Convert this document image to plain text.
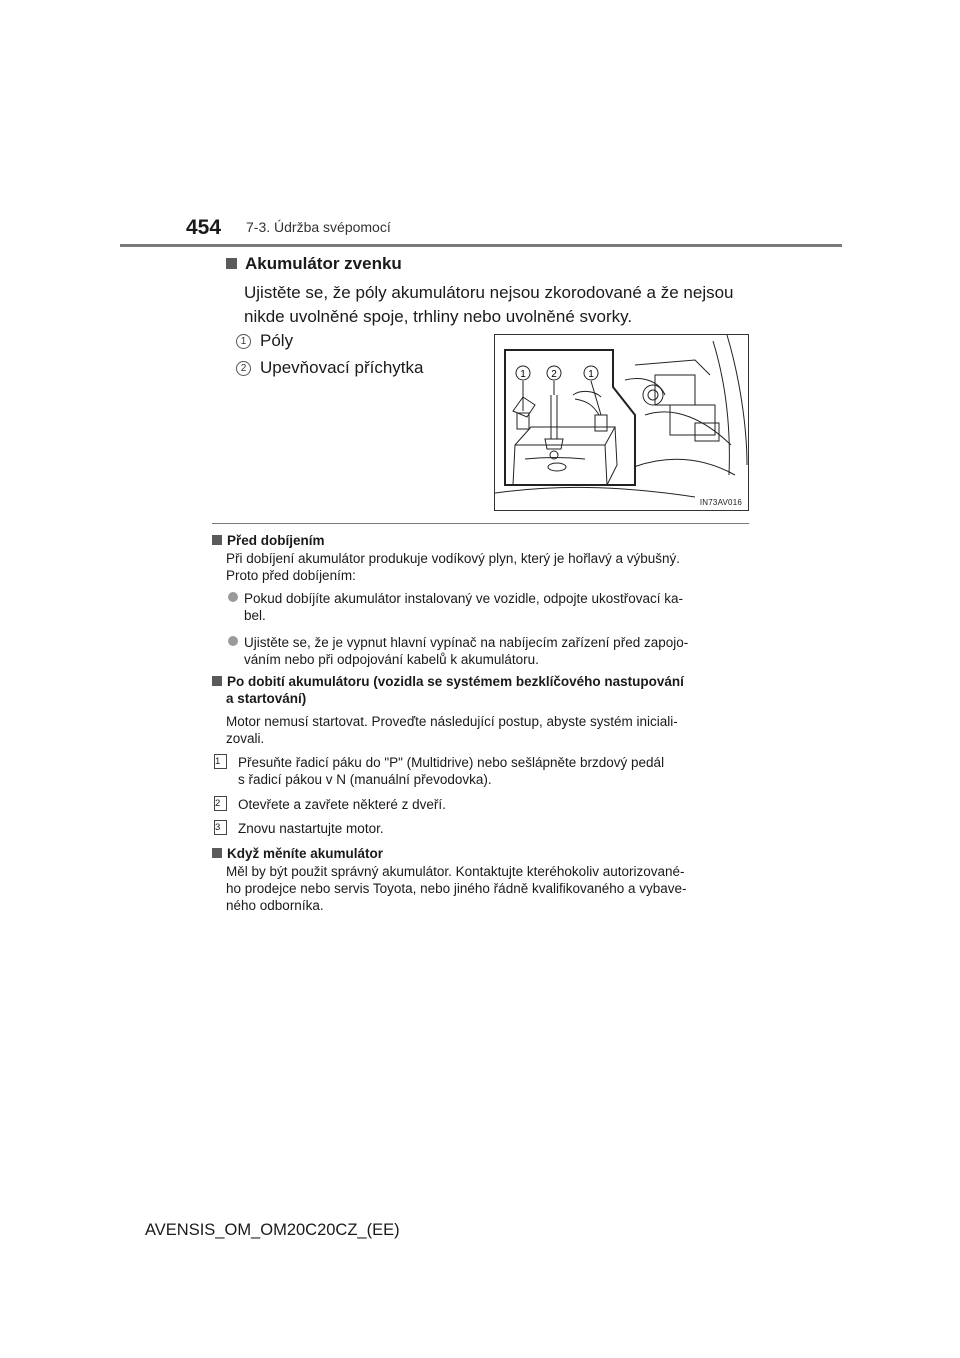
454 7-3. Údržba svépomocí
Akumulátor zvenku
Ujistěte se, že póly akumulátoru nejsou zkorodované a že nejsou
nikde uvolněné spoje, trhliny nebo uvolněné svorky.
1 Póly
2 Upevňovací příchytka	1	2	1
IN73AV016
Před dobíjením
Při dobíjení akumulátor produkuje vodíkový plyn, který je hořlavý a výbušný.
Proto před dobíjením:
Pokud dobíjíte akumulátor instalovaný ve vozidle, odpojte ukostřovací ka-
bel.
Ujistěte se, že je vypnut hlavní vypínač na nabíjecím zařízení před zapojo-
váním nebo při odpojování kabelů k akumulátoru.
Po dobití akumulátoru (vozidla se systémem bezklíčového nastupování
a startování)
Motor nemusí startovat. Proveďte následující postup, abyste systém iniciali-
zovali.
1	Přesuňte řadicí páku do "P" (Multidrive) nebo sešlápněte brzdový pedál
s řadicí pákou v N (manuální převodovka).
2	Otevřete a zavřete některé z dveří.
3	Znovu nastartujte motor.
Když měníte akumulátor
Měl by být použit správný akumulátor. Kontaktujte kteréhokoliv autorizované-
ho prodejce nebo servis Toyota, nebo jiného řádně kvalifikovaného a vybave-
ného odborníka.
AVENSIS_OM_OM20C20CZ_(EE)
